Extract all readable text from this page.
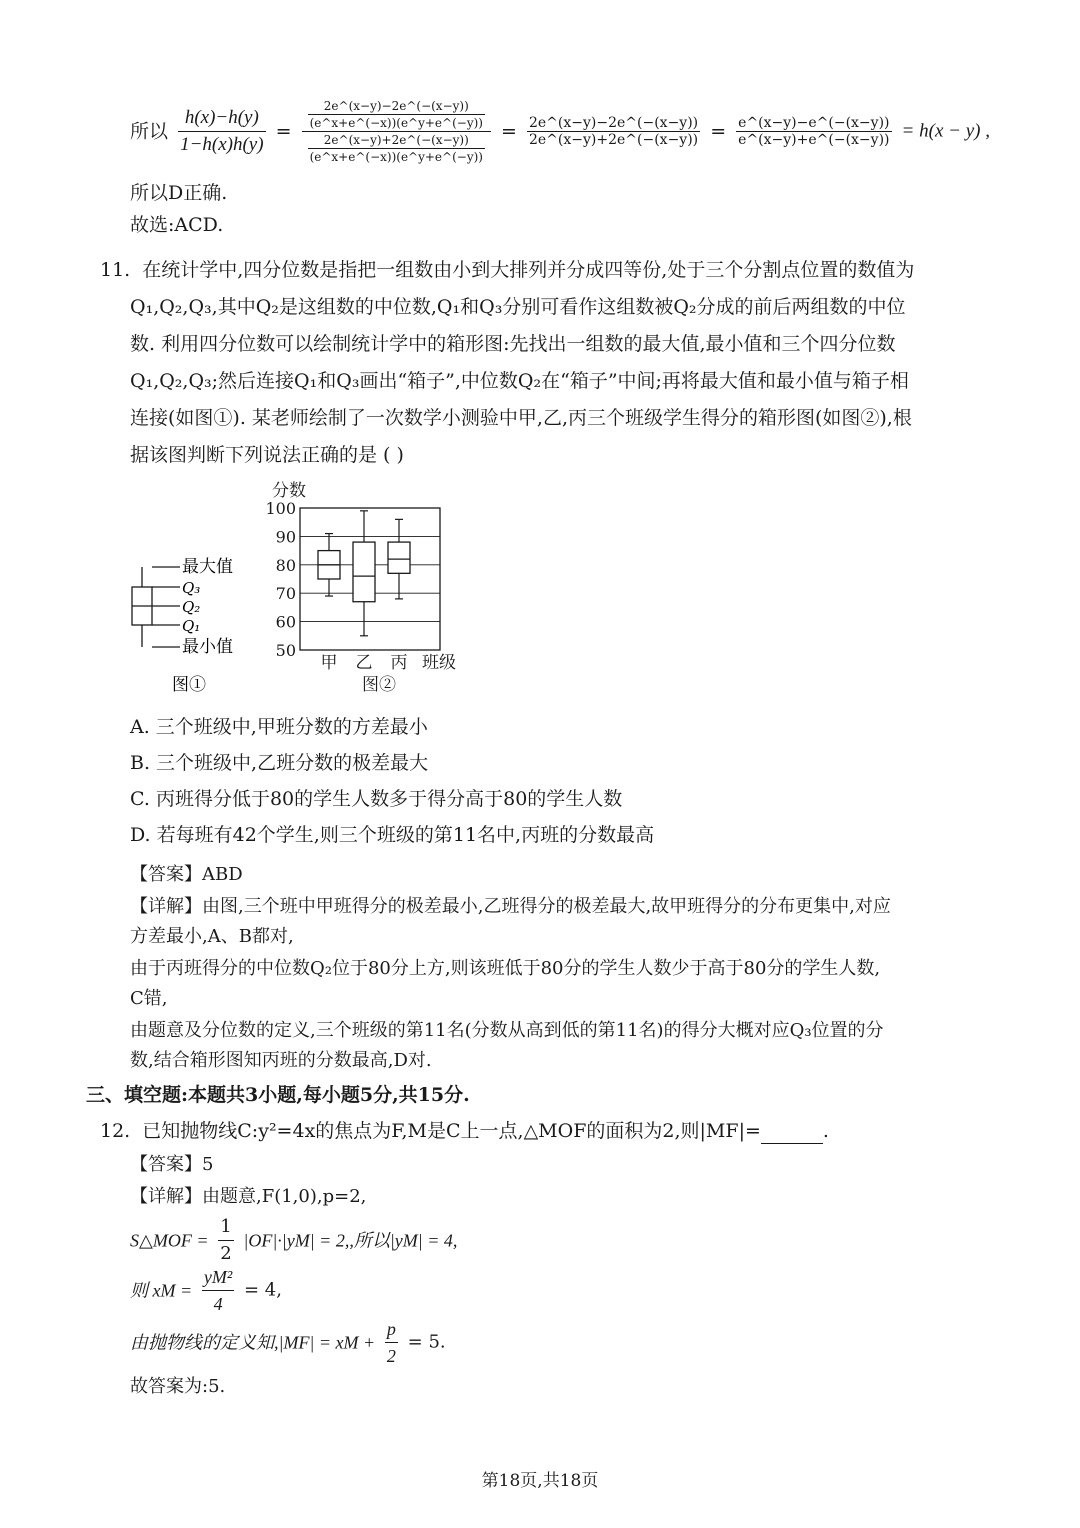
所以 $\frac{h(x)-h(y)}{1-h(x)h(y)} = \frac{\frac{2e\^{}(x-y)-2e\^{}(-(x-y))}{(e\^{}x+e\^{}(-x))(e\^{}y+e\^{}(-y))}}{\frac{2e\^{}(x-y)+2e\^{}(-(x-y))}{(e\^{}x+e\^{}(-x))(e\^{}y+e\^{}(-y))}} = \frac{2e\^{}(x-y)-2e\^{}(-(x-y))}{2e\^{}(x-y)+2e\^{}(-(x-y))} = \frac{e\^{}(x-y)-e\^{}(-(x-y))}{e\^{}(x-y)+e\^{}(-(x-y))} = h(x - y)$ ,
所以D正确.
故选:ACD.
11. 在统计学中,四分位数是指把一组数由小到大排列并分成四等份,处于三个分割点位置的数值为
Q₁,Q₂,Q₃,其中Q₂是这组数的中位数,Q₁和Q₃分别可看作这组数被Q₂分成的前后两组数的中位
数. 利用四分位数可以绘制统计学中的箱形图:先找出一组数的最大值,最小值和三个四分位数
Q₁,Q₂,Q₃;然后连接Q₁和Q₃画出“箱子”,中位数Q₂在“箱子”中间;再将最大值和最小值与箱子相
连接(如图①). 某老师绘制了一次数学小测验中甲,乙,丙三个班级学生得分的箱形图(如图②),根
据该图判断下列说法正确的是 ( )
最大值
Q₃
Q₂
Q₁
最小值
图①
50
60
70
80
90
100
分数
甲 乙 丙 班级
图②
A. 三个班级中,甲班分数的方差最小
B. 三个班级中,乙班分数的极差最大
C. 丙班得分低于80的学生人数多于得分高于80的学生人数
D. 若每班有42个学生,则三个班级的第11名中,丙班的分数最高
【答案】ABD
【详解】由图,三个班中甲班得分的极差最小,乙班得分的极差最大,故甲班得分的分布更集中,对应
方差最小,A、B都对,
由于丙班得分的中位数Q₂位于80分上方,则该班低于80分的学生人数少于高于80分的学生人数,
C错,
由题意及分位数的定义,三个班级的第11名(分数从高到低的第11名)的得分大概对应Q₃位置的分
数,结合箱形图知丙班的分数最高,D对.
三、填空题:本题共3小题,每小题5分,共15分.
12. 已知抛物线C:y²=4x的焦点为F,M是C上一点,△MOF的面积为2,则|MF|=	.
【答案】5
【详解】由题意,F(1,0),p=2,
S△MOF = $\frac{1}{2} |OF|\cdot|yM| = 2$,,所以|yM| = 4,
则 xM = $\frac{\text{yM²}}{4} = 4$,
由抛物线的定义知,|MF| = xM + $\frac{p}{2} = 5$.
故答案为:5.
第18页,共18页
